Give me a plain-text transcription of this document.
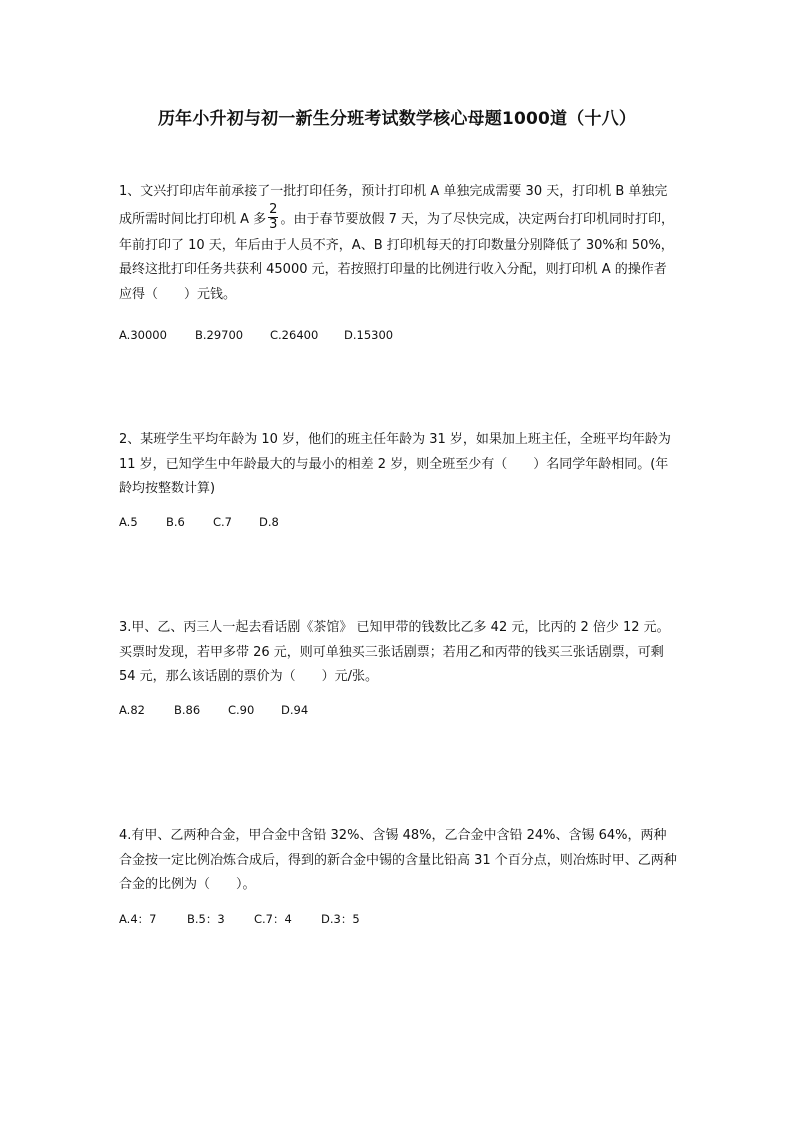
历年小升初与初一新生分班考试数学核心母题1000道（十八）
1、文兴打印店年前承接了一批打印任务，预计打印机 A 单独完成需要 30 天，打印机 B 单独完成所需时间比打印机 A 多 $\frac{2}{3}$ 。由于春节要放假 7 天，为了尽快完成，决定两台打印机同时打印，年前打印了 10 天，年后由于人员不齐，A、B 打印机每天的打印数量分别降低了 30%和 50%，最终这批打印任务共获利 45000 元，若按照打印量的比例进行收入分配，则打印机 A 的操作者应得（　　）元钱。
A.30000 B.29700 C.26400 D.15300
2、某班学生平均年龄为 10 岁，他们的班主任年龄为 31 岁，如果加上班主任，全班平均年龄为 11 岁，已知学生中年龄最大的与最小的相差 2 岁，则全班至少有（　　）名同学年龄相同。(年龄均按整数计算)
A.5 B.6 C.7 D.8
3.甲、乙、丙三人一起去看话剧《茶馆》 已知甲带的钱数比乙多 42 元，比丙的 2 倍少 12 元。买票时发现，若甲多带 26 元，则可单独买三张话剧票；若用乙和丙带的钱买三张话剧票，可剩 54 元，那么该话剧的票价为（　　）元/张。
A.82	B.86 C.90 D.94
4.有甲、乙两种合金，甲合金中含铅 32%、含锡 48%，乙合金中含铅 24%、含锡 64%，两种合金按一定比例冶炼合成后，得到的新合金中锡的含量比铅高 31 个百分点，则冶炼时甲、乙两种合金的比例为（　　）。
A.4：7	B.5：3	C.7：4	D.3：5
